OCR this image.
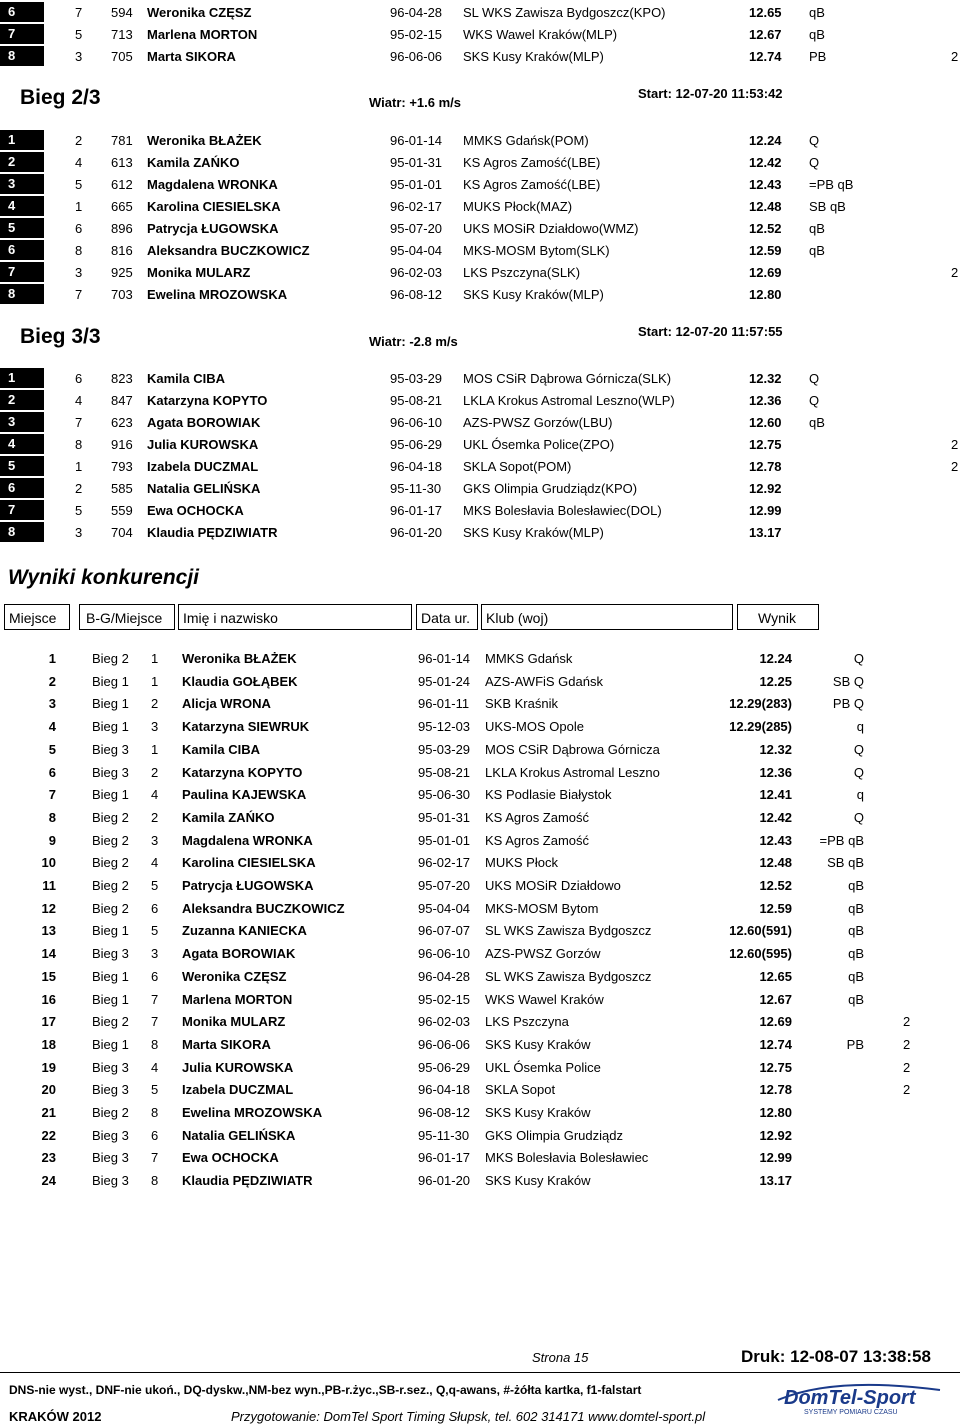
6	7 594 Weronika CZĘSZ	96-04-28 SL WKS Zawisza Bydgoszcz(KPO)	12.65 qB
7	5 713 Marlena MORTON	95-02-15 WKS Wawel Kraków(MLP)	12.67 qB
8	3 705 Marta SIKORA	96-06-06 SKS Kusy Kraków(MLP)	12.74 PB	2
Bieg 2/3	Wiatr: +1.6 m/s
Start: 12-07-20 11:53:42
1	2 781 Weronika BŁAŻEK	96-01-14 MMKS Gdańsk(POM)	12.24 Q
2	4 613 Kamila ZAŃKO	95-01-31 KS Agros Zamość(LBE)	12.42 Q
3	5 612 Magdalena WRONKA	95-01-01 KS Agros Zamość(LBE)	12.43 =PB qB
4	1 665 Karolina CIESIELSKA	96-02-17 MUKS Płock(MAZ)	12.48 SB qB
5	6 896 Patrycja ŁUGOWSKA	95-07-20 UKS MOSiR Działdowo(WMZ)	12.52 qB
6	8 816 Aleksandra BUCZKOWICZ	95-04-04 MKS-MOSM Bytom(SLK)	12.59 qB
7	3 925 Monika MULARZ	96-02-03 LKS Pszczyna(SLK)	12.69	2
8	7 703 Ewelina MROZOWSKA	96-08-12 SKS Kusy Kraków(MLP)	12.80
Bieg 3/3	Wiatr: -2.8 m/s
Start: 12-07-20 11:57:55
1	6 823 Kamila CIBA	95-03-29 MOS CSiR Dąbrowa Górnicza(SLK)	12.32 Q
2	4 847 Katarzyna KOPYTO	95-08-21 LKLA Krokus Astromal Leszno(WLP)	12.36 Q
3	7 623 Agata BOROWIAK	96-06-10 AZS-PWSZ Gorzów(LBU)	12.60 qB
4	8 916 Julia KUROWSKA	95-06-29 UKL Ósemka Police(ZPO)	12.75	2
5	1 793 Izabela DUCZMAL	96-04-18 SKLA Sopot(POM)	12.78	2
6	2 585 Natalia GELIŃSKA	95-11-30 GKS Olimpia Grudziądz(KPO)	12.92
7	5 559 Ewa OCHOCKA	96-01-17 MKS Bolesłavia Bolesławiec(DOL)	12.99
8	3 704 Klaudia PĘDZIWIATR	96-01-20 SKS Kusy Kraków(MLP)	13.17
Wyniki konkurencji
Miejsce	B-G/Miejsce	Imię i nazwisko	Data ur.	Klub (woj)	Wynik
1	Bieg 2 1 Weronika BŁAŻEK	96-01-14 MMKS Gdańsk	12.24	Q
2	Bieg 1 1 Klaudia GOŁĄBEK	95-01-24 AZS-AWFiS Gdańsk	12.25	SB Q
3	Bieg 1 2 Alicja WRONA	96-01-11 SKB Kraśnik	12.29(283)	PB Q
4	Bieg 1 3 Katarzyna SIEWRUK	95-12-03 UKS-MOS Opole	12.29(285)	q
5	Bieg 3 1 Kamila CIBA	95-03-29 MOS CSiR Dąbrowa Górnicza	12.32	Q
6	Bieg 3 2 Katarzyna KOPYTO	95-08-21 LKLA Krokus Astromal Leszno	12.36	Q
7	Bieg 1 4 Paulina KAJEWSKA	95-06-30 KS Podlasie Białystok	12.41	q
8	Bieg 2 2 Kamila ZAŃKO	95-01-31 KS Agros Zamość	12.42	Q
9	Bieg 2 3 Magdalena WRONKA	95-01-01 KS Agros Zamość	12.43	=PB qB
10	Bieg 2 4 Karolina CIESIELSKA	96-02-17 MUKS Płock	12.48	SB qB
11	Bieg 2 5 Patrycja ŁUGOWSKA	95-07-20 UKS MOSiR Działdowo	12.52	qB
12	Bieg 2 6 Aleksandra BUCZKOWICZ	95-04-04 MKS-MOSM Bytom	12.59	qB
13	Bieg 1 5 Zuzanna KANIECKA	96-07-07 SL WKS Zawisza Bydgoszcz	12.60(591)	qB
14	Bieg 3 3 Agata BOROWIAK	96-06-10 AZS-PWSZ Gorzów	12.60(595)	qB
15	Bieg 1 6 Weronika CZĘSZ	96-04-28 SL WKS Zawisza Bydgoszcz	12.65	qB
16	Bieg 1 7 Marlena MORTON	95-02-15 WKS Wawel Kraków	12.67	qB
17	Bieg 2 7 Monika MULARZ	96-02-03 LKS Pszczyna	12.69	2
18	Bieg 1 8 Marta SIKORA	96-06-06 SKS Kusy Kraków	12.74	PB	2
19	Bieg 3 4 Julia KUROWSKA	95-06-29 UKL Ósemka Police	12.75	2
20	Bieg 3 5 Izabela DUCZMAL	96-04-18 SKLA Sopot	12.78	2
21	Bieg 2 8 Ewelina MROZOWSKA	96-08-12 SKS Kusy Kraków	12.80
22	Bieg 3 6 Natalia GELIŃSKA	95-11-30 GKS Olimpia Grudziądz	12.92
23	Bieg 3 7 Ewa OCHOCKA	96-01-17 MKS Bolesłavia Bolesławiec	12.99
24	Bieg 3 8 Klaudia PĘDZIWIATR	96-01-20 SKS Kusy Kraków	13.17
Strona 15	Druk: 12-08-07 13:38:58
DNS-nie wyst., DNF-nie ukoń., DQ-dyskw.,NM-bez wyn.,PB-r.życ.,SB-r.sez., Q,q-awans, #-żółta kartka, f1-falstart
KRAKÓW 2012	Przygotowanie: DomTel Sport Timing Słupsk, tel. 602 314171 www.domtel-sport.pl
DomTel-Sport
SYSTEMY POMIARU CZASU
